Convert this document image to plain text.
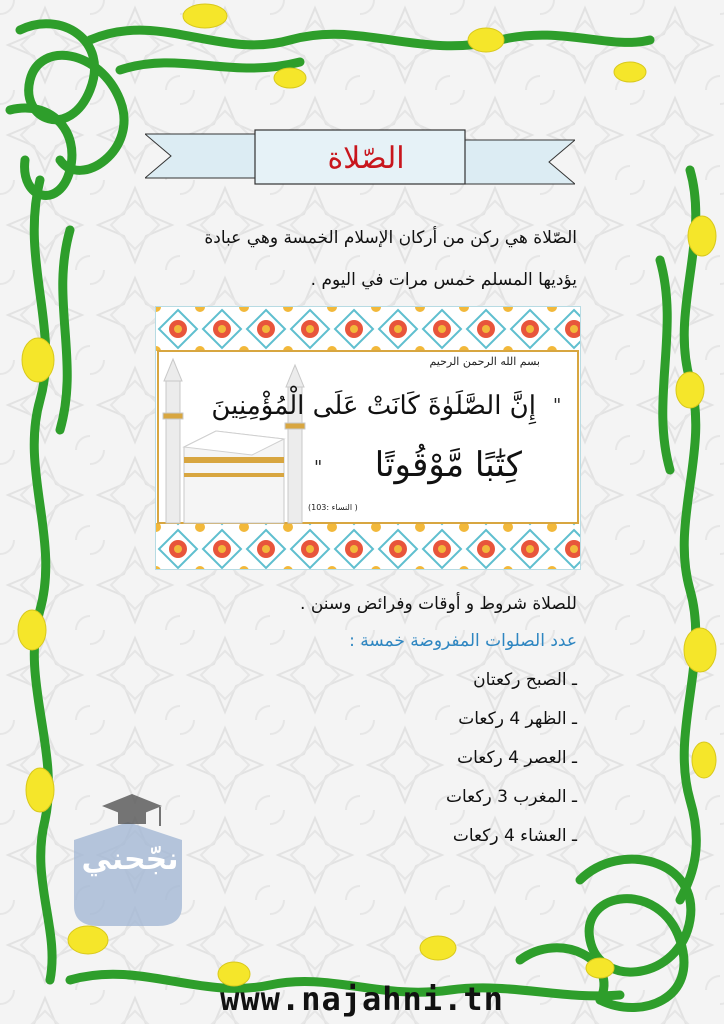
الصّلاة
الصّلاة هي ركن من أركان الإسلام الخمسة وهي عبادة
يؤديها المسلم خمس مرات في اليوم .
بسم الله الرحمن الرحيم
"
إِنَّ الصَّلَوٰةَ كَانَتْ عَلَى الْمُؤْمِنِينَ
كِتَٰبًا مَّوْقُوتًا
"
( النساء :103)
للصلاة شروط و أوقات وفرائض وسنن .
عدد الصلوات المفروضة خمسة :
ـ الصبح ركعتان
ـ الظهر 4 ركعات
ـ العصر 4 ركعات
ـ المغرب 3 ركعات
ـ العشاء 4 ركعات
نجّحني
www.najahni.tn
